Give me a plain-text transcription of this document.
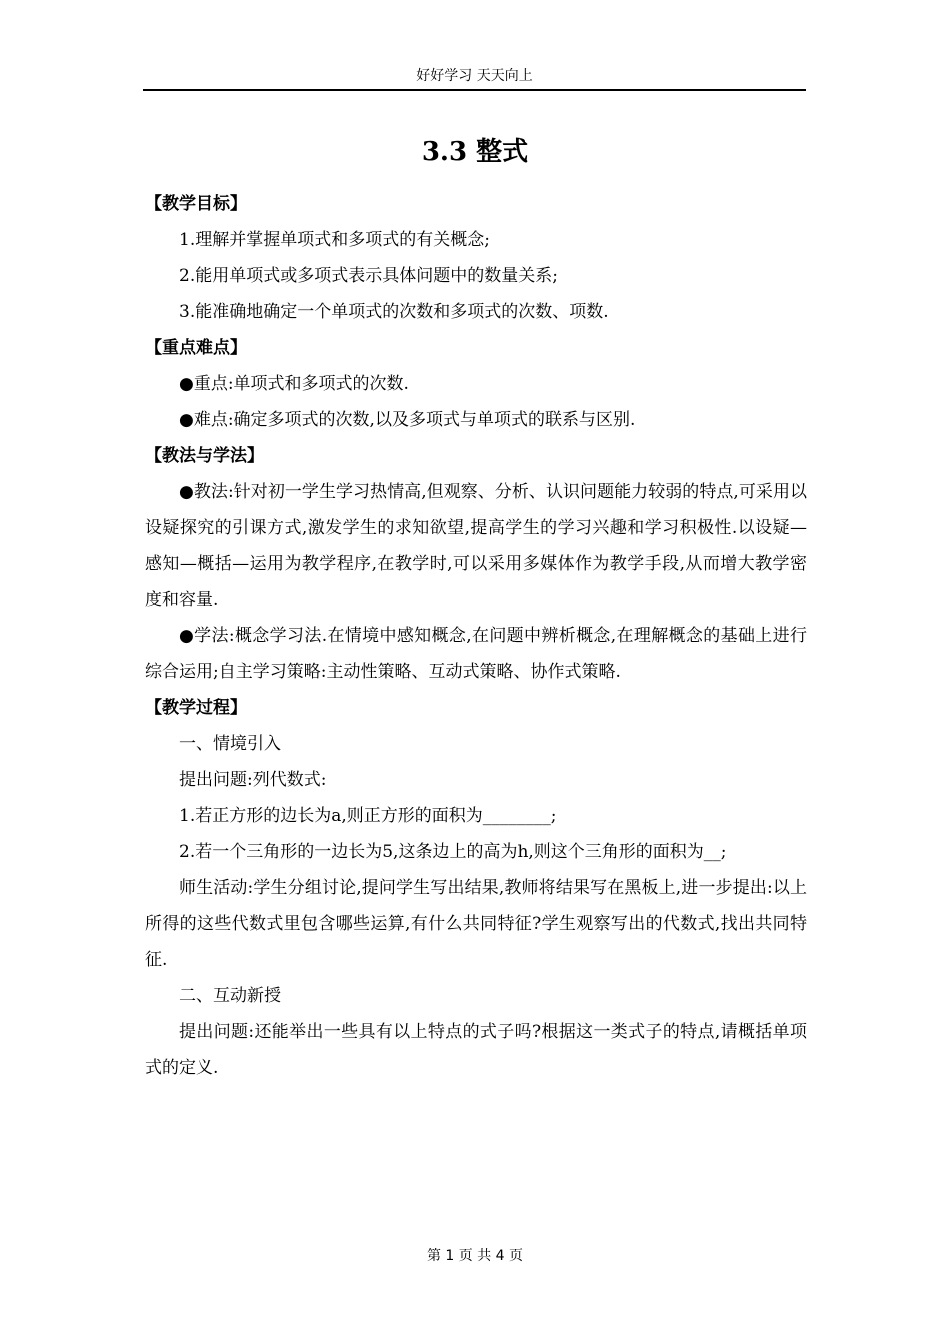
好好学习 天天向上
3.3 整式
【教学目标】

1.理解并掌握单项式和多项式的有关概念;

2.能用单项式或多项式表示具体问题中的数量关系;

3.能准确地确定一个单项式的次数和多项式的次数、项数.

【重点难点】

●重点:单项式和多项式的次数.

●难点:确定多项式的次数,以及多项式与单项式的联系与区别.

【教法与学法】

●教法:针对初一学生学习热情高,但观察、分析、认识问题能力较弱的特点,可采用以设疑探究的引课方式,激发学生的求知欲望,提高学生的学习兴趣和学习积极性.以设疑—感知—概括—运用为教学程序,在教学时,可以采用多媒体作为教学手段,从而增大教学密度和容量.

●学法:概念学习法.在情境中感知概念,在问题中辨析概念,在理解概念的基础上进行综合运用;自主学习策略:主动性策略、互动式策略、协作式策略.

【教学过程】

一、情境引入

提出问题:列代数式:

1.若正方形的边长为a,则正方形的面积为________;

2.若一个三角形的一边长为5,这条边上的高为h,则这个三角形的面积为__;

师生活动:学生分组讨论,提问学生写出结果,教师将结果写在黑板上,进一步提出:以上所得的这些代数式里包含哪些运算,有什么共同特征?学生观察写出的代数式,找出共同特征.

二、互动新授

提出问题:还能举出一些具有以上特点的式子吗?根据这一类式子的特点,请概括单项式的定义.

第 1 页 共 4 页
